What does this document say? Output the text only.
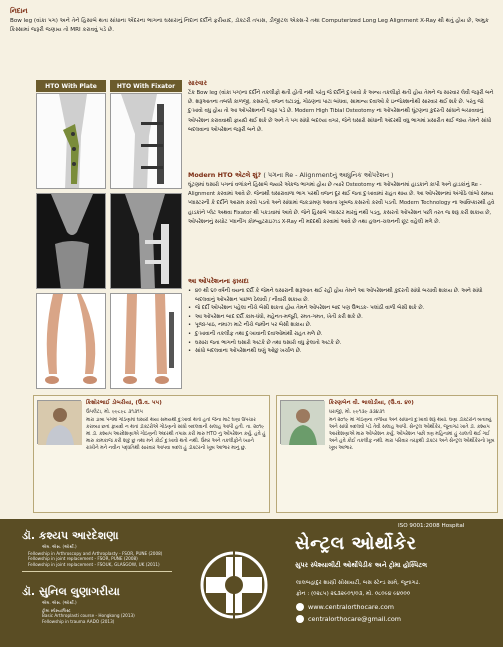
નિદાન
Bow leg (વાંકા પગ) અને તેને હિસાબે થતા સાંધાના એંદરના ભાગના ઘસારાનું નિદાન દર્દીને ફરીયાદ, ડૉક્ટરી તપાસ, ડીજીટલ એક્સ-રે તથા Computerized Long Leg Alignment X-Ray થી થતું હોય છે, અમુક કિસ્સામાં જરૂરી જણાય તો MRI કરાવવું પડે છે.
HTO With Plate	HTO With Fixator	સારવાર
ટેંક Bow leg (વાંકા પગ)ના દર્દીને તકલીફો થતી હોતી નથી પરંતુ જે દર્દીને દુઃખાવો કે અન્ય તકલીફો થતી હોય તેમને જ સારવાર લેવી જરૂરી બને છે. શરૂઆતના તબક્કે કાળજી, કસરતો, વજન ઘટાડવું, ગોઠણના પાટા બાંધવા, સામાન્ય દવાઓ કે ઇન્જેક્શનોથી સારવાર થઈ શકે છે. પરંતુ જો દુઃખાવો વધુ હોય તો આ ઓપરેશનની જરૂર પડે છે. Modern High Tibial Osteotomy ના ઓપરેશનથી ઘૂંટણના કુદરતી સાંધાને બચાવવાનું ઓપરેશન કરાવવાથી ફાયદો થઈ શકે છે અને તે પગ સાંધો બદલ્યા વગર, જેને ઘસારો સાંધાની અંદરથી વધુ ભાગમાં પ્રસારીત થઈ જાય તેમને સાંધો બદલવાના ઓપરેશન જરૂરી બને છે.
Modern HTO એટલે શું? ( પગના Re - Alignmentનું આધુનિક ઓપરેશન )
ઘૂંટણમાં ઘસારો પગનાં વળાંકને હિસાબે જ્યારે એકજ ભાગમાં હોય છે ત્યારે Osteotomy ના ઓપરેશનમાં હાડકાને કાપી અને હાડકાંનું Re - Alignment કરવામાં આવે છે. જેનાથી ઘસારાવાળા ભાગ પરથી વજન દૂર થઈ જતા દુઃખાવામાં રાહત થાય છે. આ ઓપરેશનમાં અંગોઠે લાંબો સમય પ્લાસ્ટરની કે દર્દીને આરામ કરવો પડતો અને સાંધામાં જકડામણ આવતા ખૂબજ કસરતો કરવી પડતી. Modern Technology ના આવિષ્કારથી હવે હાડકાંને પ્લેટ અથવા Fixator થી પકડવામાં આવે છે. જેને હિસાબે પ્લાસ્ટર મારવું નથી પડતુ, કસરતો ઓપરેશન પછી તરત જ શરૂ કરી શકાય છે, ઓપરેશનનું સચોટ પ્લાનીંગ કોમ્પ્યુટરાઇઝડ X-Ray ની મદદથી કરવામાં આવે છે તથા હલન-ચલનની છૂટ વહેલી મળે છે.
આ ઓપરેશનના ફાયદા
• ૪૦ થી ૬૦ વર્ષની વયના દર્દી કે જેમને ઘસારાની શરૂઆત થઈ રહી હોય તેમને આ ઓપરેશનથી કુદરતી સાંધો બચાવી શકાય છે. અને સાંધો બદલવાનું ઓપરેશન પાછળ ઠેલાવી / નીવારી શકાય છે.
• જે દર્દી ઓપરેશન પહેલા નીચે બેસી શકતા હોય તેમને ઓપરેશન બાદ પણ ઉભડક- પલાંઠી વાળી બેસી શકે છે.
• આ ઓપરેશન બાદ દર્દી કામ-ધંધો, મહેનત-મજૂરી, રમત-ગમત, ખેતી કરી શકે છે.
• પૂજા-પાઠ, નમાઝ માટે નીચે જમીન પર બેસી શકાય છે.
• દુઃખાવાની તકલીફ તથા દુઃખાવાની દવાઓમાંથી રાહત મળે છે.
• ઘસારા જતા ભાગનો ઘસારો અટકે છે તથા ઘસારો વધુ ફેલાતો અટકે છે.
• સાંધો બદલવાના ઓપરેશનથી ઘણું ઓછુ ખર્ચાળ છે.
કિશોરભાઈ ડોબરીયા, (ઉ.વ. ૫૫)
ઉપલેટા, મો. ૯૯૮૯૮ ૩૧૩૧૫
મારા ડાબા પગમાં ગોઠણમાં ઘસારો થયા સમયથી દુઃખાવો થતો હતો જેના માટે ઘણા ઉપચાર કરાવ્યા છતાં ફાયદો ન થતાં ડૉક્ટરોએ ગોઠણનો સાંધો બદલવાની સલાહ આપી હતી. તા. ૨૦૧૯ માં ડૉ. કશ્યપ આરદેશણાએ ગોઠણની અંદરથી તપાસ કરી મારુ HTO નું ઓપરેશન કર્યુ. હવે હું મારુ કામકાજ કરી શકું છું તથા મને કોઈ દુઃખાવો થતો નથી. ઉંમર અને તકલીફોને ધ્યાને રાખીને મને નવીન પદ્ધતિથી સારવાર આપવા બદલ હું ડૉક્ટરનો ખૂબ આભાર માનું છું.
કિરણબેન વી. ભાલોડીયા, (ઉ.વ. ૪૦)
ધરાજી, મો. ૯૯૧૩૯ ૩૩૪૩૧
મને ૨૦૧૯ માં ગોઠણના તળીયા અને સાંધાનો દુઃખાવો શરૂ થયો. ઘણા ડૉક્ટરોને બતાવ્યું અને સાંધો બદલવો પડે તેવી સલાહ આપી. સેન્ટ્રલ ઓર્થોકેર, જૂનાગઢ ખાતે ડૉ. કશ્યપ આરદેશણાએ મારુ ઓપરેશન કર્યુ. ઓપરેશન પછી ત્રણ મહિનામાં હું ચાલતી થઈ ગઈ અને હવે કોઈ તકલીફ નથી. મારા પરિવાર તરફથી ડૉક્ટર અને સેન્ટ્રલ ઓર્થોકેરનો ખૂબ ખૂબ આભાર.
ડૉ. કશ્યપ આરદેશણા
એમ. એસ. (ઓર્થો.)
Fellowship in Arthroscopy and Arthroplasty - FSOR, PUNE (2008)
Fellowship in joint replacement - FSOR, PUNE (2008)
Fellowship in joint replacement - FSOUK, GLASGOW, UK (2011)
ડૉ. સુનિલ લુણાગરીયા
એમ. એસ. (ઓર્થો.)
ટ્રોમા સ્પેશ્યાલિસ્ટ
Basic Arthroplasti course - Hongkong (2013)
Fellowship in trauma AADO (2013)
ISO 9001:2008 Hospital
સેન્ટ્રલ ઓર્થોકેર
સુપર સ્પેશ્યાલીટી ઓર્થોપેડીક અને ટ્રોમા હોસ્પિટલ
લાલબહાદુર શાસ્ત્રી સોસાયટી, બસ સ્ટેન્ડ સામે, જૂનાગઢ.
ફોન : (૦૨૮૫) ૨૬૩૨૯૦૧/૦૩, મો. ૦૮૦૯૪ ૯૪૦૦૦
www.centralorthocare.com
centralorthocare@gmail.com
